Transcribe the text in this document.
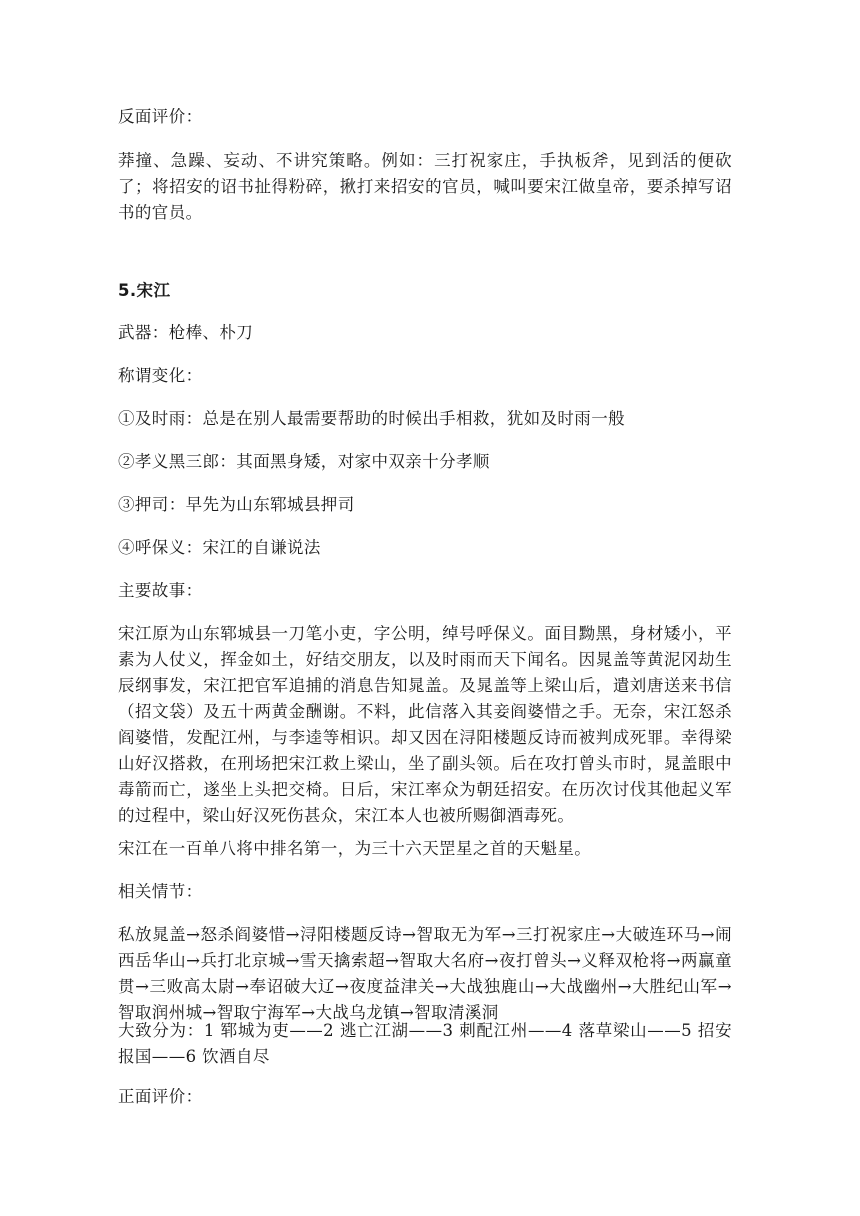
反面评价：

莽撞、急躁、妄动、不讲究策略。例如：三打祝家庄，手执板斧，见到活的便砍了；将招安的诏书扯得粉碎，揪打来招安的官员，喊叫要宋江做皇帝，要杀掉写诏书的官员。

5.宋江

武器：枪棒、朴刀

称谓变化：

①及时雨：总是在别人最需要帮助的时候出手相救，犹如及时雨一般

②孝义黑三郎：其面黑身矮，对家中双亲十分孝顺

③押司：早先为山东郓城县押司

④呼保义：宋江的自谦说法

主要故事：

宋江原为山东郓城县一刀笔小吏，字公明，绰号呼保义。面目黝黑，身材矮小，平素为人仗义，挥金如土，好结交朋友，以及时雨而天下闻名。因晁盖等黄泥冈劫生辰纲事发，宋江把官军追捕的消息告知晁盖。及晁盖等上梁山后，遣刘唐送来书信（招文袋）及五十两黄金酬谢。不料，此信落入其妾阎婆惜之手。无奈，宋江怒杀阎婆惜，发配江州，与李逵等相识。却又因在浔阳楼题反诗而被判成死罪。幸得梁山好汉搭救，在刑场把宋江救上梁山，坐了副头领。后在攻打曾头市时，晁盖眼中毒箭而亡，遂坐上头把交椅。日后，宋江率众为朝廷招安。在历次讨伐其他起义军的过程中，梁山好汉死伤甚众，宋江本人也被所赐御酒毒死。

宋江在一百单八将中排名第一，为三十六天罡星之首的天魁星。

相关情节：

私放晁盖→怒杀阎婆惜→浔阳楼题反诗→智取无为军→三打祝家庄→大破连环马→闹西岳华山→兵打北京城→雪天擒索超→智取大名府→夜打曾头→义释双枪将→两赢童贯→三败高太尉→奉诏破大辽→夜度益津关→大战独鹿山→大战幽州→大胜纪山军→智取润州城→智取宁海军→大战乌龙镇→智取清溪洞

大致分为：1 郓城为吏——2 逃亡江湖——3 刺配江州——4 落草梁山——5 招安报国——6 饮酒自尽

正面评价：
